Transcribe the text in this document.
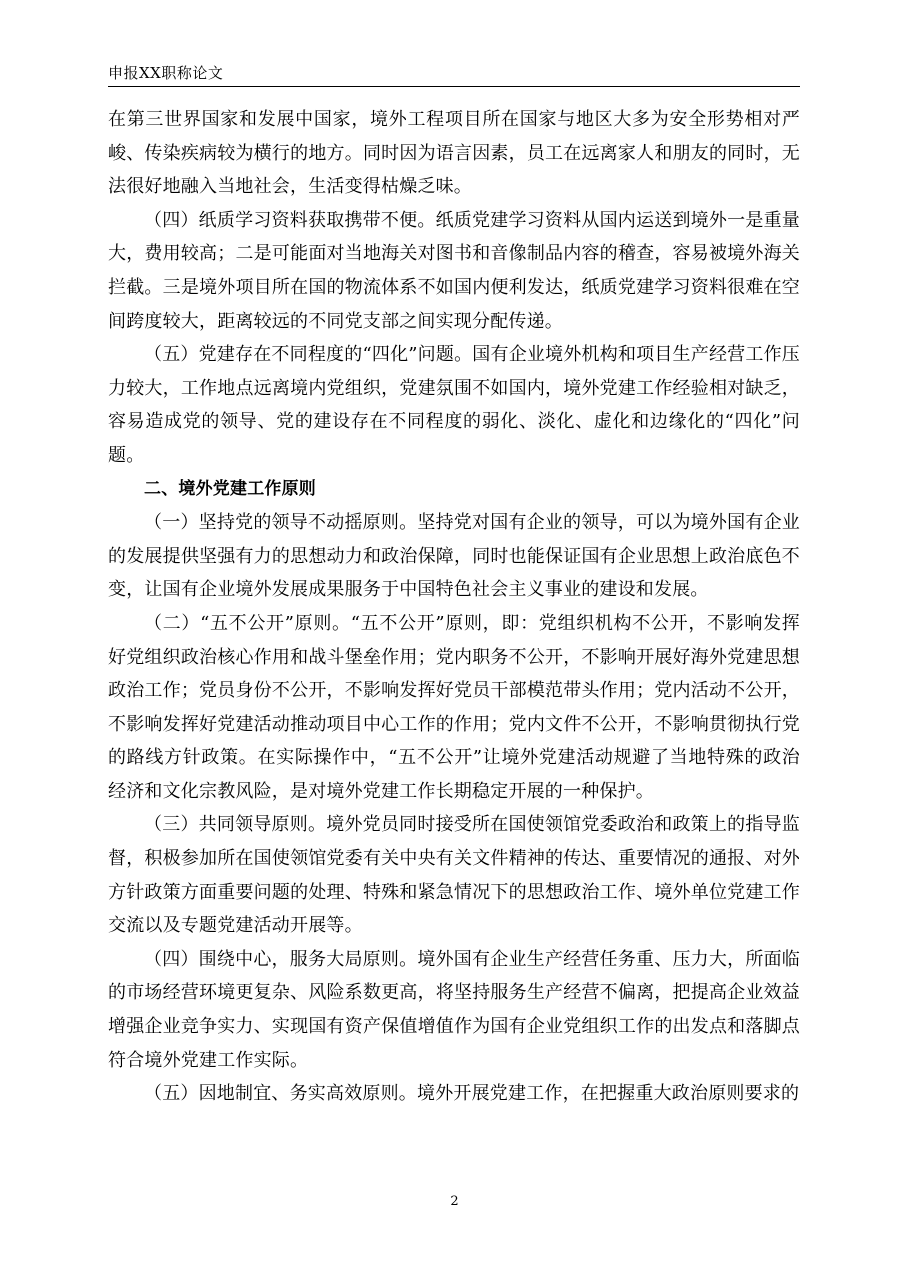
申报XX职称论文

在第三世界国家和发展中国家，境外工程项目所在国家与地区大多为安全形势相对严峻、传染疾病较为横行的地方。同时因为语言因素，员工在远离家人和朋友的同时，无法很好地融入当地社会，生活变得枯燥乏味。

（四）纸质学习资料获取携带不便。纸质党建学习资料从国内运送到境外一是重量大，费用较高；二是可能面对当地海关对图书和音像制品内容的稽查，容易被境外海关拦截。三是境外项目所在国的物流体系不如国内便利发达，纸质党建学习资料很难在空间跨度较大，距离较远的不同党支部之间实现分配传递。

（五）党建存在不同程度的“四化”问题。国有企业境外机构和项目生产经营工作压力较大，工作地点远离境内党组织，党建氛围不如国内，境外党建工作经验相对缺乏，容易造成党的领导、党的建设存在不同程度的弱化、淡化、虚化和边缘化的“四化”问题。

二、境外党建工作原则

（一）坚持党的领导不动摇原则。坚持党对国有企业的领导，可以为境外国有企业的发展提供坚强有力的思想动力和政治保障，同时也能保证国有企业思想上政治底色不变，让国有企业境外发展成果服务于中国特色社会主义事业的建设和发展。

（二）“五不公开”原则。“五不公开”原则，即：党组织机构不公开，不影响发挥好党组织政治核心作用和战斗堡垒作用；党内职务不公开，不影响开展好海外党建思想政治工作；党员身份不公开，不影响发挥好党员干部模范带头作用；党内活动不公开，不影响发挥好党建活动推动项目中心工作的作用；党内文件不公开，不影响贯彻执行党的路线方针政策。在实际操作中，“五不公开”让境外党建活动规避了当地特殊的政治经济和文化宗教风险，是对境外党建工作长期稳定开展的一种保护。

（三）共同领导原则。境外党员同时接受所在国使领馆党委政治和政策上的指导监督，积极参加所在国使领馆党委有关中央有关文件精神的传达、重要情况的通报、对外方针政策方面重要问题的处理、特殊和紧急情况下的思想政治工作、境外单位党建工作交流以及专题党建活动开展等。

（四）围绕中心，服务大局原则。境外国有企业生产经营任务重、压力大，所面临的市场经营环境更复杂、风险系数更高，将坚持服务生产经营不偏离，把提高企业效益增强企业竞争实力、实现国有资产保值增值作为国有企业党组织工作的出发点和落脚点符合境外党建工作实际。

（五）因地制宜、务实高效原则。境外开展党建工作，在把握重大政治原则要求的

2
